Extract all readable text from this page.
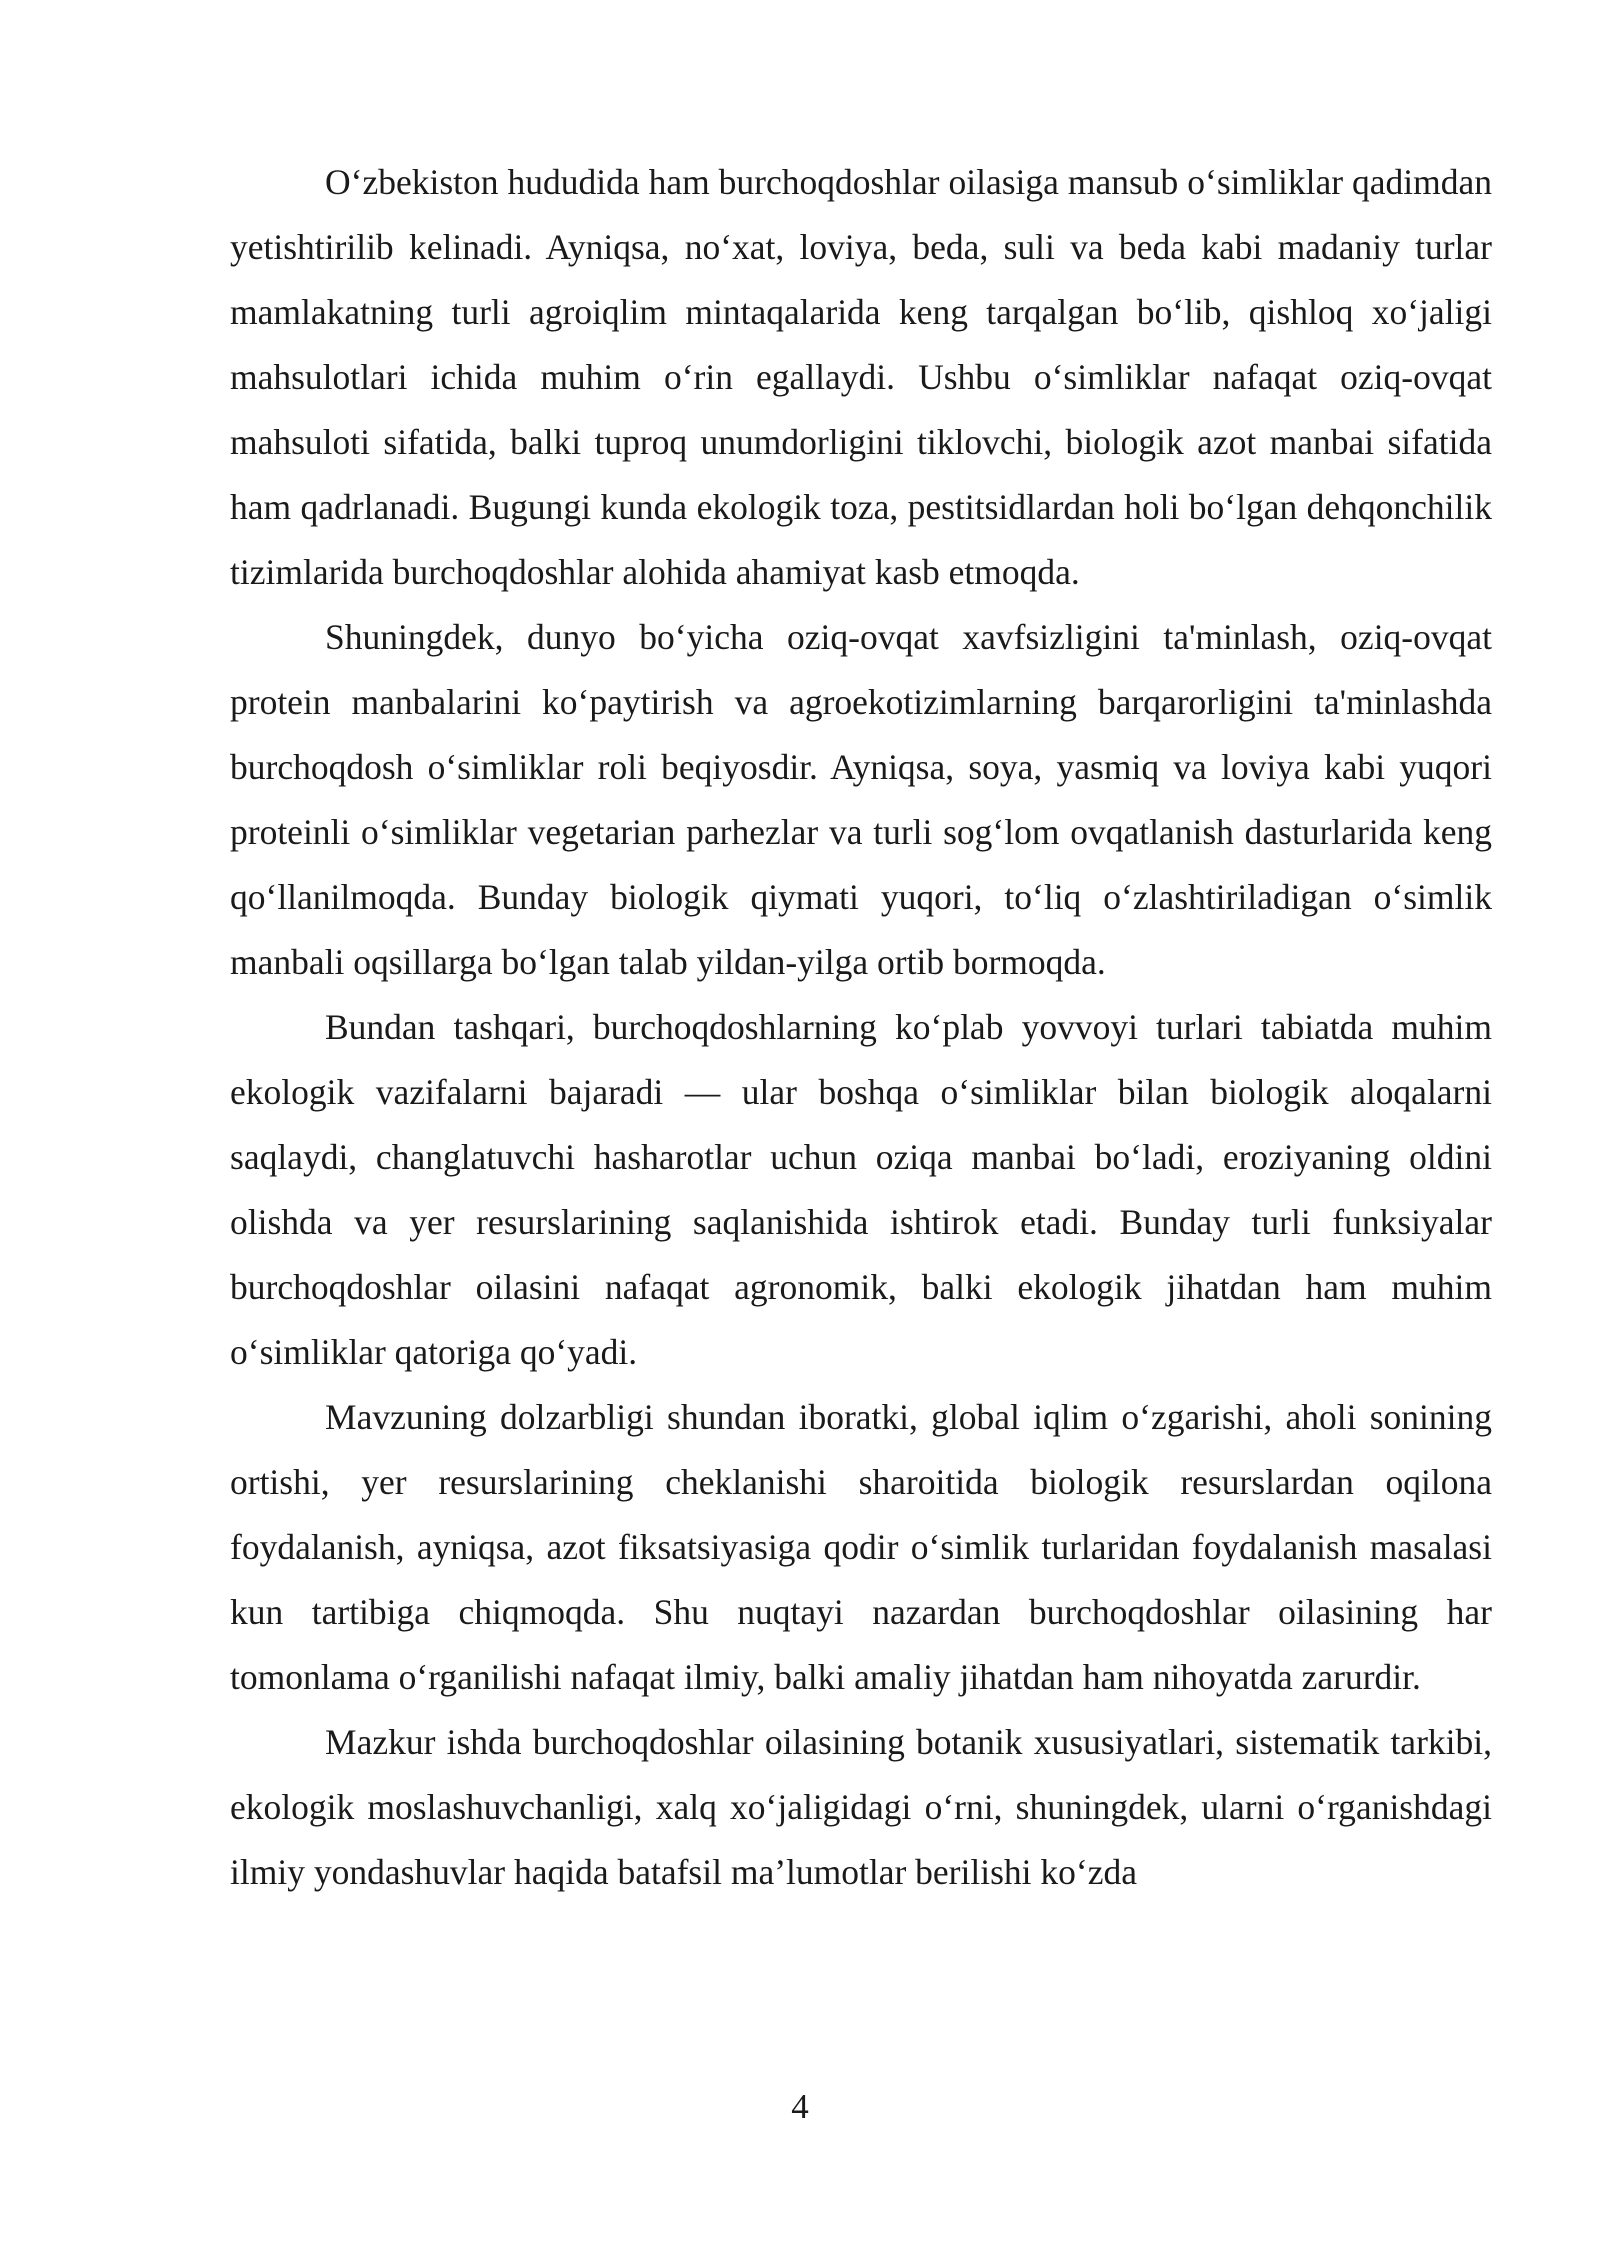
O‘zbekiston hududida ham burchoqdoshlar oilasiga mansub o‘simliklar qadimdan yetishtirilib kelinadi. Ayniqsa, no‘xat, loviya, beda, suli va beda kabi madaniy turlar mamlakatning turli agroiqlim mintaqalarida keng tarqalgan bo‘lib, qishloq xo‘jaligi mahsulotlari ichida muhim o‘rin egallaydi. Ushbu o‘simliklar nafaqat oziq-ovqat mahsuloti sifatida, balki tuproq unumdorligini tiklovchi, biologik azot manbai sifatida ham qadrlanadi. Bugungi kunda ekologik toza, pestitsidlardan holi bo‘lgan dehqonchilik tizimlarida burchoqdoshlar alohida ahamiyat kasb etmoqda.

Shuningdek, dunyo bo‘yicha oziq-ovqat xavfsizligini ta'minlash, oziq-ovqat protein manbalarini ko‘paytirish va agroekotizimlarning barqarorligini ta'minlashda burchoqdosh o‘simliklar roli beqiyosdir. Ayniqsa, soya, yasmiq va loviya kabi yuqori proteinli o‘simliklar vegetarian parhezlar va turli sog‘lom ovqatlanish dasturlarida keng qo‘llanilmoqda. Bunday biologik qiymati yuqori, to‘liq o‘zlashtiriladigan o‘simlik manbali oqsillarga bo‘lgan talab yildan-yilga ortib bormoqda.

Bundan tashqari, burchoqdoshlarning ko‘plab yovvoyi turlari tabiatda muhim ekologik vazifalarni bajaradi — ular boshqa o‘simliklar bilan biologik aloqalarni saqlaydi, changlatuvchi hasharotlar uchun oziqa manbai bo‘ladi, eroziyaning oldini olishda va yer resurslarining saqlanishida ishtirok etadi. Bunday turli funksiyalar burchoqdoshlar oilasini nafaqat agronomik, balki ekologik jihatdan ham muhim o‘simliklar qatoriga qo‘yadi.

Mavzuning dolzarbligi shundan iboratki, global iqlim o‘zgarishi, aholi sonining ortishi, yer resurslarining cheklanishi sharoitida biologik resurslardan oqilona foydalanish, ayniqsa, azot fiksatsiyasiga qodir o‘simlik turlaridan foydalanish masalasi kun tartibiga chiqmoqda. Shu nuqtayi nazardan burchoqdoshlar oilasining har tomonlama o‘rganilishi nafaqat ilmiy, balki amaliy jihatdan ham nihoyatda zarurdir.

Mazkur ishda burchoqdoshlar oilasining botanik xususiyatlari, sistematik tarkibi, ekologik moslashuvchanligi, xalq xo‘jaligidagi o‘rni, shuningdek, ularni o‘rganishdagi ilmiy yondashuvlar haqida batafsil ma’lumotlar berilishi ko‘zda

4
